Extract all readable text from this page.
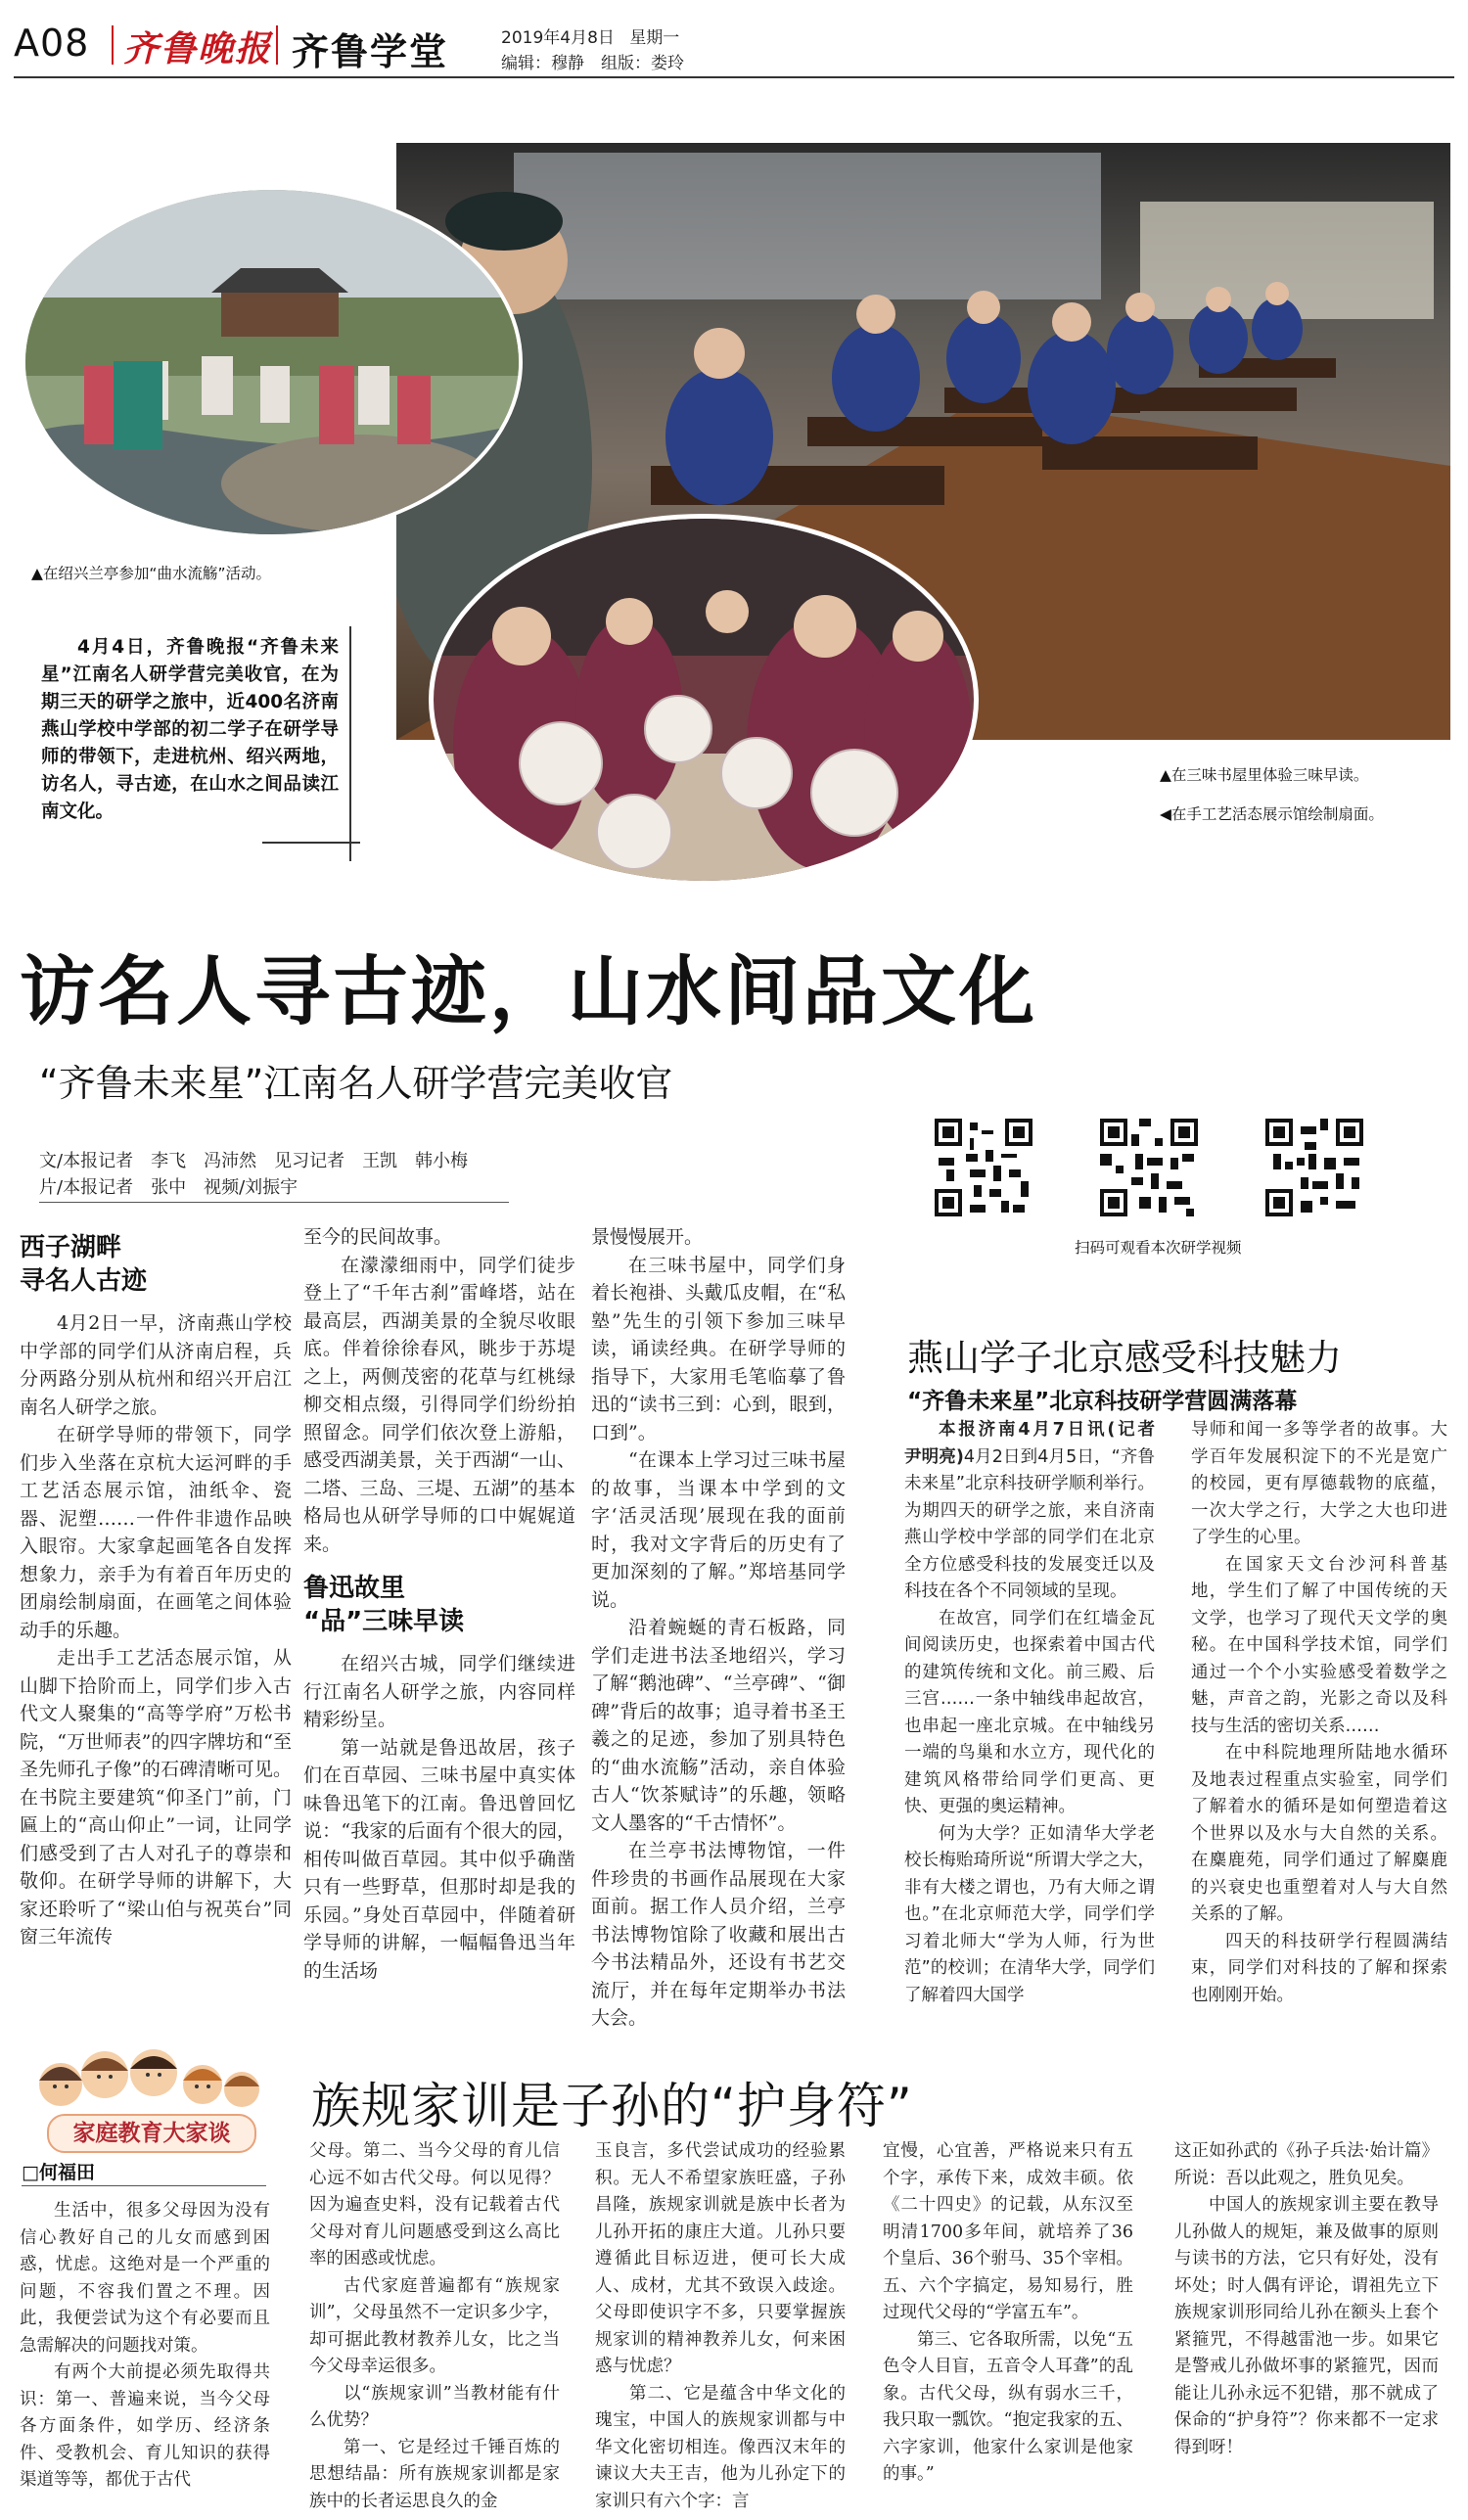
A08 齐鲁晚报 齐鲁学堂	2019年4月8日 星期一
编辑：穆静　组版：娄玲
▲在绍兴兰亭参加“曲水流觞”活动。
▲在三味书屋里体验三味早读。
◀在手工艺活态展示馆绘制扇面。
4月4日，齐鲁晚报“齐鲁未来星”江南名人研学营完美收官，在为期三天的研学之旅中，近400名济南燕山学校中学部的初二学子在研学导师的带领下，走进杭州、绍兴两地，访名人，寻古迹，在山水之间品读江南文化。
访名人寻古迹，山水间品文化
“齐鲁未来星”江南名人研学营完美收官
文/本报记者　李飞　冯沛然　见习记者　王凯　韩小梅
片/本报记者　张中　视频/刘振宇
西子湖畔
寻名人古迹

4月2日一早，济南燕山学校中学部的同学们从济南启程，兵分两路分别从杭州和绍兴开启江南名人研学之旅。

在研学导师的带领下，同学们步入坐落在京杭大运河畔的手工艺活态展示馆，油纸伞、瓷器、泥塑……一件件非遗作品映入眼帘。大家拿起画笔各自发挥想象力，亲手为有着百年历史的团扇绘制扇面，在画笔之间体验动手的乐趣。

走出手工艺活态展示馆，从山脚下拾阶而上，同学们步入古代文人聚集的“高等学府”万松书院，“万世师表”的四字牌坊和“至圣先师孔子像”的石碑清晰可见。在书院主要建筑“仰圣门”前，门匾上的“高山仰止”一词，让同学们感受到了古人对孔子的尊崇和敬仰。在研学导师的讲解下，大家还聆听了“梁山伯与祝英台”同窗三年流传

至今的民间故事。

在濛濛细雨中，同学们徒步登上了“千年古刹”雷峰塔，站在最高层，西湖美景的全貌尽收眼底。伴着徐徐春风，眺步于苏堤之上，两侧茂密的花草与红桃绿柳交相点缀，引得同学们纷纷拍照留念。同学们依次登上游船，感受西湖美景，关于西湖“一山、二塔、三岛、三堤、五湖”的基本格局也从研学导师的口中娓娓道来。

鲁迅故里
“品”三味早读

在绍兴古城，同学们继续进行江南名人研学之旅，内容同样精彩纷呈。

第一站就是鲁迅故居，孩子们在百草园、三味书屋中真实体味鲁迅笔下的江南。鲁迅曾回忆说：“我家的后面有个很大的园，相传叫做百草园。其中似乎确凿只有一些野草，但那时却是我的乐园。”身处百草园中，伴随着研学导师的讲解，一幅幅鲁迅当年的生活场

景慢慢展开。

在三味书屋中，同学们身着长袍褂、头戴瓜皮帽，在“私塾”先生的引领下参加三味早读，诵读经典。在研学导师的指导下，大家用毛笔临摹了鲁迅的“读书三到：心到，眼到，口到”。

“在课本上学习过三味书屋的故事，当课本中学到的文字‘活灵活现’展现在我的面前时，我对文字背后的历史有了更加深刻的了解。”郑培基同学说。

沿着蜿蜒的青石板路，同学们走进书法圣地绍兴，学习了解“鹅池碑”、“兰亭碑”、“御碑”背后的故事；追寻着书圣王羲之的足迹，参加了别具特色的“曲水流觞”活动，亲自体验古人“饮茶赋诗”的乐趣，领略文人墨客的“千古情怀”。

在兰亭书法博物馆，一件件珍贵的书画作品展现在大家面前。据工作人员介绍，兰亭书法博物馆除了收藏和展出古今书法精品外，还设有书艺交流厅，并在每年定期举办书法大会。

扫码可观看本次研学视频
燕山学子北京感受科技魅力
“齐鲁未来星”北京科技研学营圆满落幕

本报济南4月7日讯(记者　尹明亮)4月2日到4月5日，“齐鲁未来星”北京科技研学顺利举行。为期四天的研学之旅，来自济南燕山学校中学部的同学们在北京全方位感受科技的发展变迁以及科技在各个不同领域的呈现。

在故宫，同学们在红墙金瓦间阅读历史，也探索着中国古代的建筑传统和文化。前三殿、后三宫……一条中轴线串起故宫，也串起一座北京城。在中轴线另一端的鸟巢和水立方，现代化的建筑风格带给同学们更高、更快、更强的奥运精神。

何为大学？正如清华大学老校长梅贻琦所说“所谓大学之大，非有大楼之谓也，乃有大师之谓也。”在北京师范大学，同学们学习着北师大“学为人师，行为世范”的校训；在清华大学，同学们了解着四大国学

导师和闻一多等学者的故事。大学百年发展积淀下的不光是宽广的校园，更有厚德载物的底蕴，一次大学之行，大学之大也印进了学生的心里。

在国家天文台沙河科普基地，学生们了解了中国传统的天文学，也学习了现代天文学的奥秘。在中国科学技术馆，同学们通过一个个小实验感受着数学之魅，声音之韵，光影之奇以及科技与生活的密切关系……

在中科院地理所陆地水循环及地表过程重点实验室，同学们了解着水的循环是如何塑造着这个世界以及水与大自然的关系。在麋鹿苑，同学们通过了解麋鹿的兴衰史也重塑着对人与大自然关系的了解。

四天的科技研学行程圆满结束，同学们对科技的了解和探索也刚刚开始。

家庭教育大家谈	族规家训是子孙的“护身符”
□何福田

生活中，很多父母因为没有信心教好自己的儿女而感到困惑，忧虑。这绝对是一个严重的问题，不容我们置之不理。因此，我便尝试为这个有必要而且急需解决的问题找对策。

有两个大前提必须先取得共识：第一、普遍来说，当今父母各方面条件，如学历、经济条件、受教机会、育儿知识的获得渠道等等，都优于古代

父母。第二、当今父母的育儿信心远不如古代父母。何以见得？因为遍查史料，没有记载着古代父母对育儿问题感受到这么高比率的困惑或忧虑。

古代家庭普遍都有“族规家训”，父母虽然不一定识多少字，却可据此教材教养儿女，比之当今父母幸运很多。

以“族规家训”当教材能有什么优势？

第一、它是经过千锤百炼的思想结晶：所有族规家训都是家族中的长者运思良久的金

玉良言，多代尝试成功的经验累积。无人不希望家族旺盛，子孙昌隆，族规家训就是族中长者为儿孙开拓的康庄大道。儿孙只要遵循此目标迈进，便可长大成人、成材，尤其不致误入歧途。父母即使识字不多，只要掌握族规家训的精神教养儿女，何来困惑与忧虑？

第二、它是蕴含中华文化的瑰宝，中国人的族规家训都与中华文化密切相连。像西汉末年的谏议大夫王吉，他为儿孙定下的家训只有六个字：言

宜慢，心宜善，严格说来只有五个字，承传下来，成效丰硕。依《二十四史》的记载，从东汉至明清1700多年间，就培养了36个皇后、36个驸马、35个宰相。五、六个字搞定，易知易行，胜过现代父母的“学富五车”。

第三、它各取所需，以免“五色令人目盲，五音令人耳聋”的乱象。古代父母，纵有弱水三千，我只取一瓢饮。“抱定我家的五、六字家训，他家什么家训是他家的事。”

这正如孙武的《孙子兵法·始计篇》所说：吾以此观之，胜负见矣。

中国人的族规家训主要在教导儿孙做人的规矩，兼及做事的原则与读书的方法，它只有好处，没有坏处；时人偶有评论，谓祖先立下族规家训形同给儿孙在额头上套个紧箍咒，不得越雷池一步。如果它是警戒儿孙做坏事的紧箍咒，因而能让儿孙永远不犯错，那不就成了保命的“护身符”？你来都不一定求得到呀！
